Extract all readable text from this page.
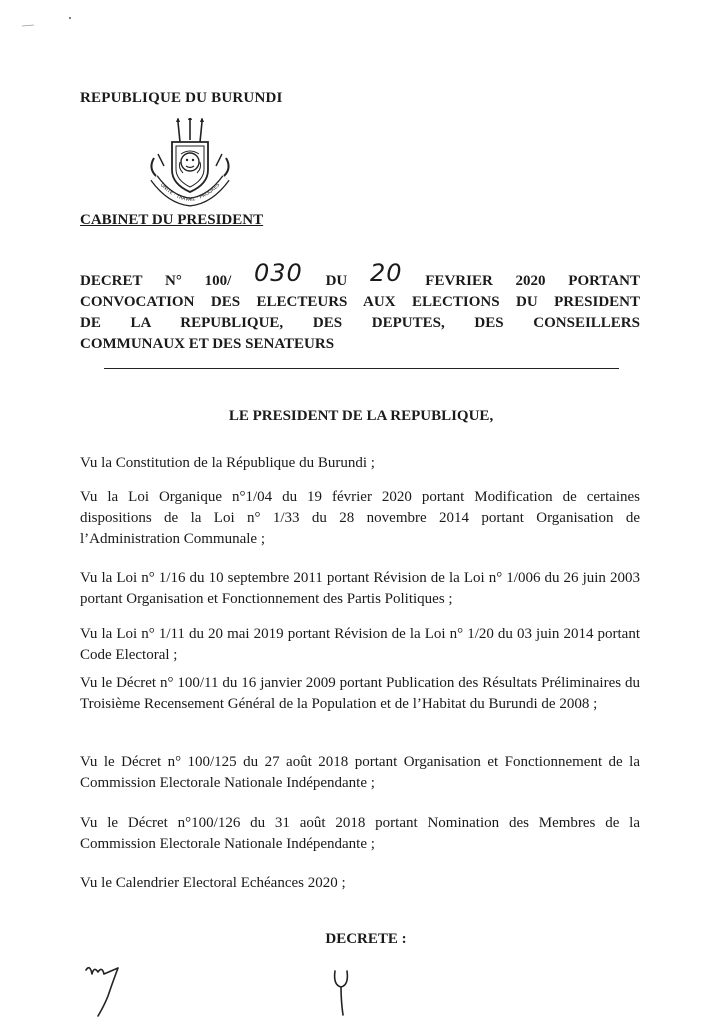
REPUBLIQUE DU BURUNDI
UNITE · TRAVAIL · PROGRES
CABINET DU PRESIDENT
DECRET N° 100/ 030 DU 20 FEVRIER 2020 PORTANT
CONVOCATION DES ELECTEURS AUX ELECTIONS DU PRESIDENT
DE LA REPUBLIQUE, DES DEPUTES, DES CONSEILLERS
COMMUNAUX ET DES SENATEURS
LE PRESIDENT DE LA REPUBLIQUE,
Vu la Constitution de la République du Burundi ;
Vu la Loi Organique n°1/04 du 19 février 2020 portant Modification de certaines dispositions de la Loi n° 1/33 du 28 novembre 2014 portant Organisation de l’Administration Communale ;
Vu la Loi n° 1/16 du 10 septembre 2011 portant Révision de la Loi n° 1/006 du 26 juin 2003 portant Organisation et Fonctionnement des Partis Politiques ;
Vu la Loi n° 1/11 du 20 mai 2019 portant Révision de la Loi n° 1/20 du 03 juin 2014 portant Code Electoral ;
Vu le Décret n° 100/11 du 16 janvier 2009 portant Publication des Résultats Préliminaires du Troisième Recensement Général de la Population et de l’Habitat du Burundi de 2008 ;
Vu le Décret n° 100/125 du 27 août 2018 portant Organisation et Fonctionnement de la Commission Electorale Nationale Indépendante ;
Vu le Décret n°100/126 du 31 août 2018 portant Nomination des Membres de la Commission Electorale Nationale Indépendante ;
Vu le Calendrier Electoral Echéances 2020 ;
DECRETE :
